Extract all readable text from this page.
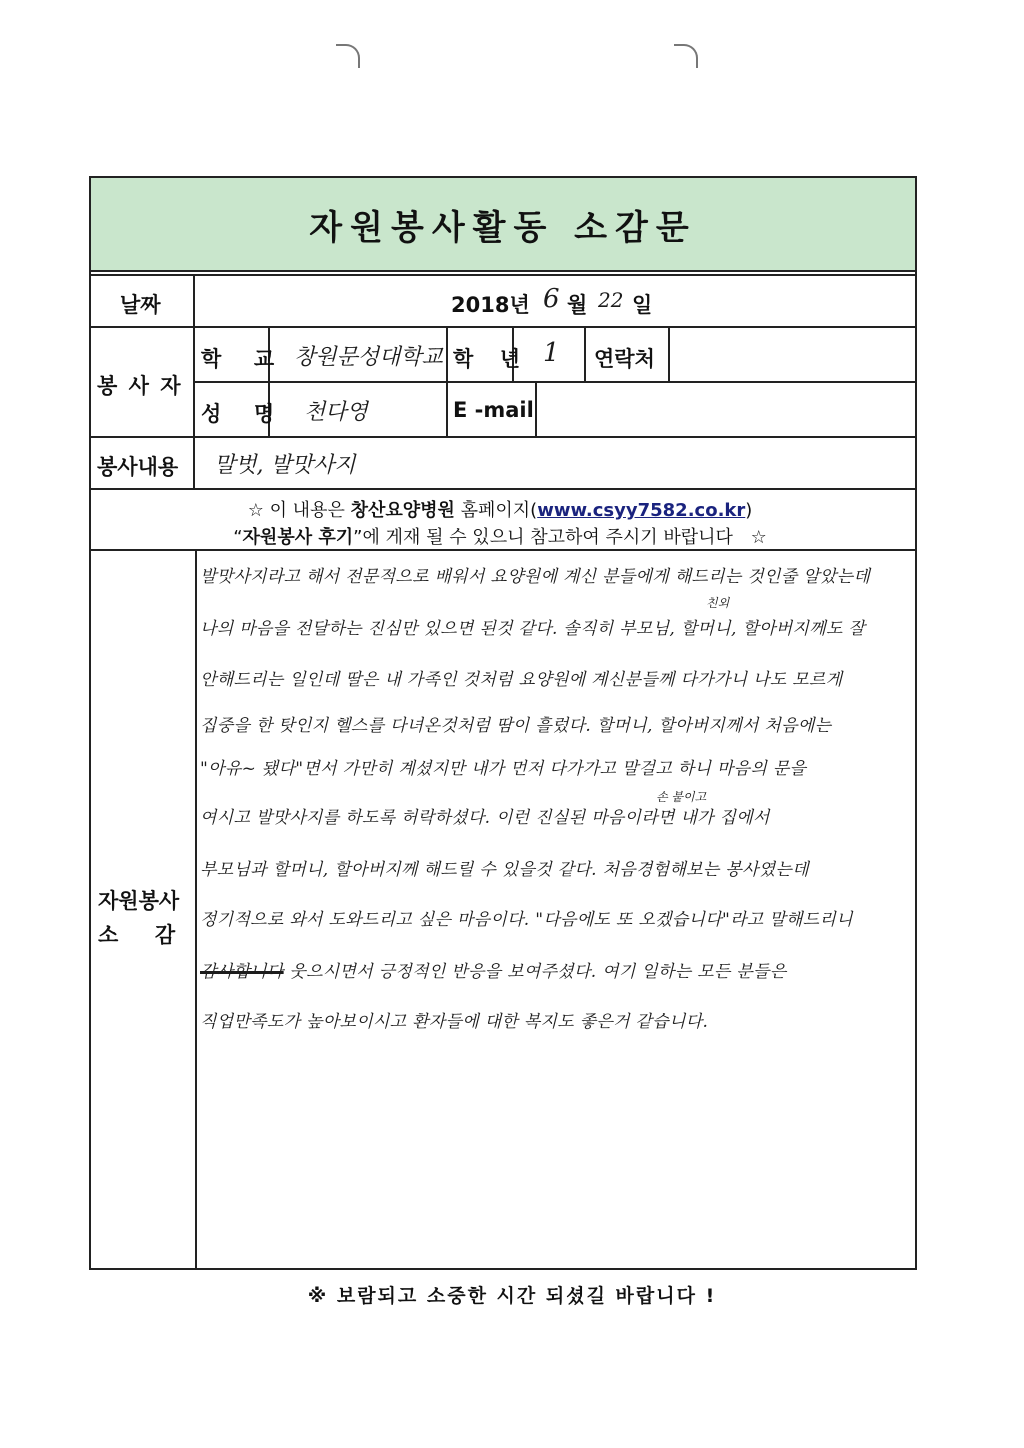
자원봉사활동 소감문
날짜	2018년 6 월 22 일
봉 사 자
학  교 창원문성대학교 학  년 1 연락처
성  명 천다영	E -mail
봉사내용 말벗, 발맛사지
☆ 이 내용은 창산요양병원 홈페이지(www.csyy7582.co.kr)
“자원봉사 후기”에 게재 될 수 있으니 참고하여 주시기 바랍니다 ☆
자원봉사
소     감
친외
손 붙이고
발맛사지라고 해서 전문적으로 배워서 요양원에 계신 분들에게 해드리는 것인줄 알았는데
나의 마음을 전달하는 진심만 있으면 된것 같다. 솔직히 부모님, 할머니, 할아버지께도 잘
안해드리는 일인데 딸은 내 가족인 것처럼 요양원에 계신분들께 다가가니 나도 모르게
집중을 한 탓인지 헬스를 다녀온것처럼 땀이 흘렀다. 할머니, 할아버지께서 처음에는
"아유~ 됐다"면서 가만히 계셨지만 내가 먼저 다가가고 말걸고 하니 마음의 문을
여시고 발맛사지를 하도록 허락하셨다. 이런 진실된 마음이라면 내가 집에서
부모님과 할머니, 할아버지께 해드릴 수 있을것 같다. 처음경험해보는 봉사였는데
정기적으로 와서 도와드리고 싶은 마음이다. "다음에도 또 오겠습니다"라고 말해드리니
감사합니다 웃으시면서 긍정적인 반응을 보여주셨다. 여기 일하는 모든 분들은
직업만족도가 높아보이시고 환자들에 대한 복지도 좋은거 같습니다.
※ 보람되고 소중한 시간 되셨길 바랍니다 !
